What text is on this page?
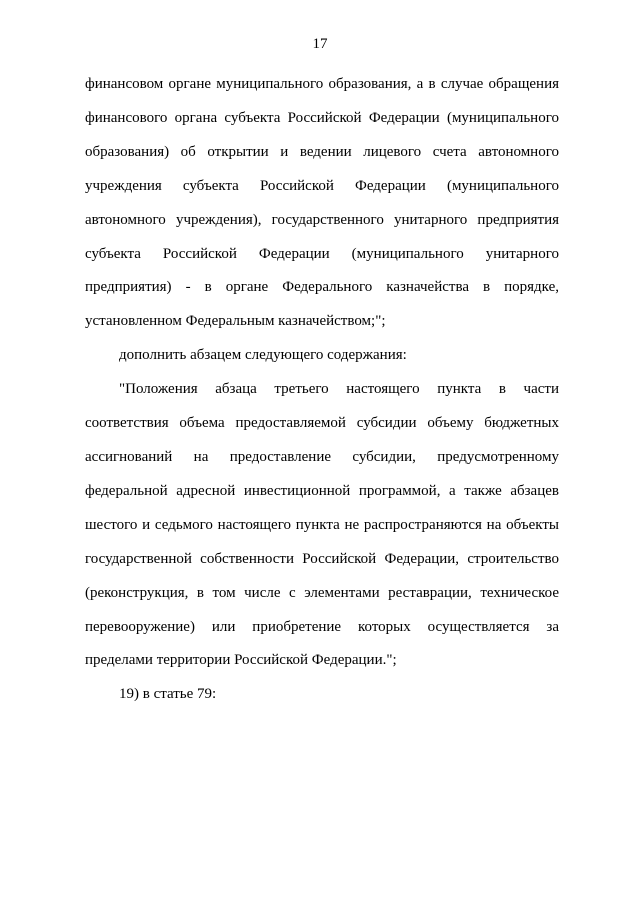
17
финансовом органе муниципального образования, а в случае обращения
финансового органа субъекта Российской Федерации (муниципального
образования) об открытии и ведении лицевого счета автономного
учреждения субъекта Российской Федерации (муниципального
автономного учреждения), государственного унитарного предприятия
субъекта Российской Федерации (муниципального унитарного
предприятия) - в органе Федерального казначейства в порядке,
установленном Федеральным казначейством;";
дополнить абзацем следующего содержания:
"Положения абзаца третьего настоящего пункта в части
соответствия объема предоставляемой субсидии объему бюджетных
ассигнований на предоставление субсидии, предусмотренному
федеральной адресной инвестиционной программой, а также абзацев
шестого и седьмого настоящего пункта не распространяются на объекты
государственной собственности Российской Федерации, строительство
(реконструкция, в том числе с элементами реставрации, техническое
перевооружение) или приобретение которых осуществляется за
пределами территории Российской Федерации.";
19) в статье 79:
